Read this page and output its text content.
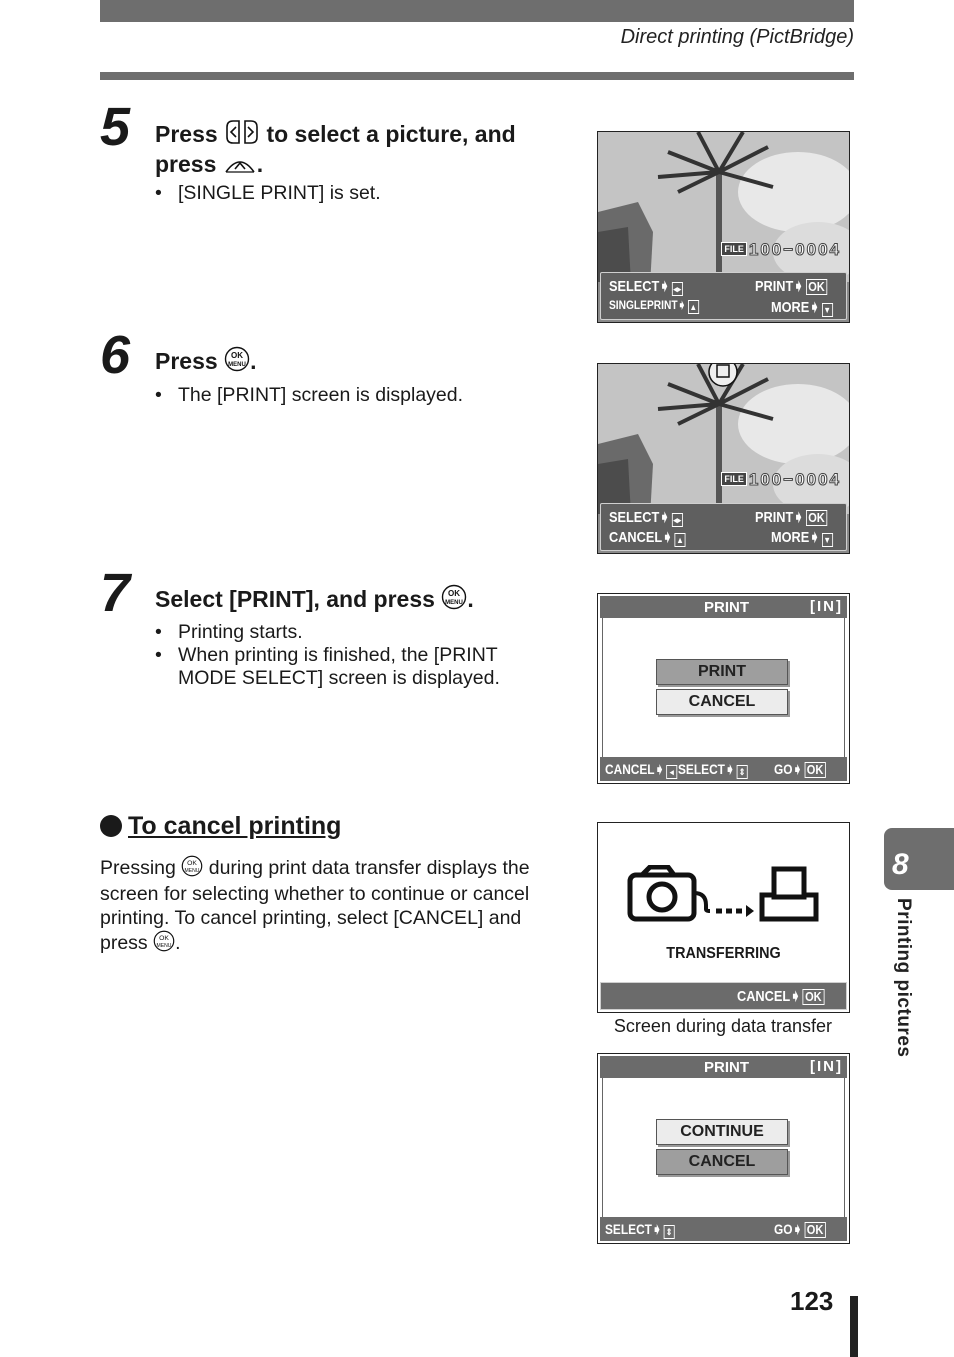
Direct printing (PictBridge)
5 Press to select a picture, and
press .
• [SINGLE PRINT] is set.
FILE 100−0004
SELECT➧ ◂▸
SINGLEPRINT➧ ▲
PRINT➧ OK
MORE➧ ▼
6 Press OK
MENU .
• The [PRINT] screen is displayed.
FILE 100−0004
SELECT➧ ◂▸
CANCEL➧ ▲
PRINT➧ OK
MORE➧ ▼
7 Select [PRINT], and press OK
MENU .
• Printing starts.
• When printing is finished, the [PRINT MODE SELECT] screen is displayed.
PRINT	[IN]
PRINT
CANCEL
CANCEL➧ ◂ SELECT➧ ⇕ GO➧ OK
To cancel printing
Pressing OK
MENU during print data transfer displays the screen for selecting whether to continue or cancel printing. To cancel printing, select [CANCEL] and press OK
MENU .	TRANSFERRING
CANCEL➧ OK
Screen during data transfer
PRINT	[IN]
CONTINUE
CANCEL
SELECT➧ ⇕	GO➧ OK
8
Printing pictures
123
